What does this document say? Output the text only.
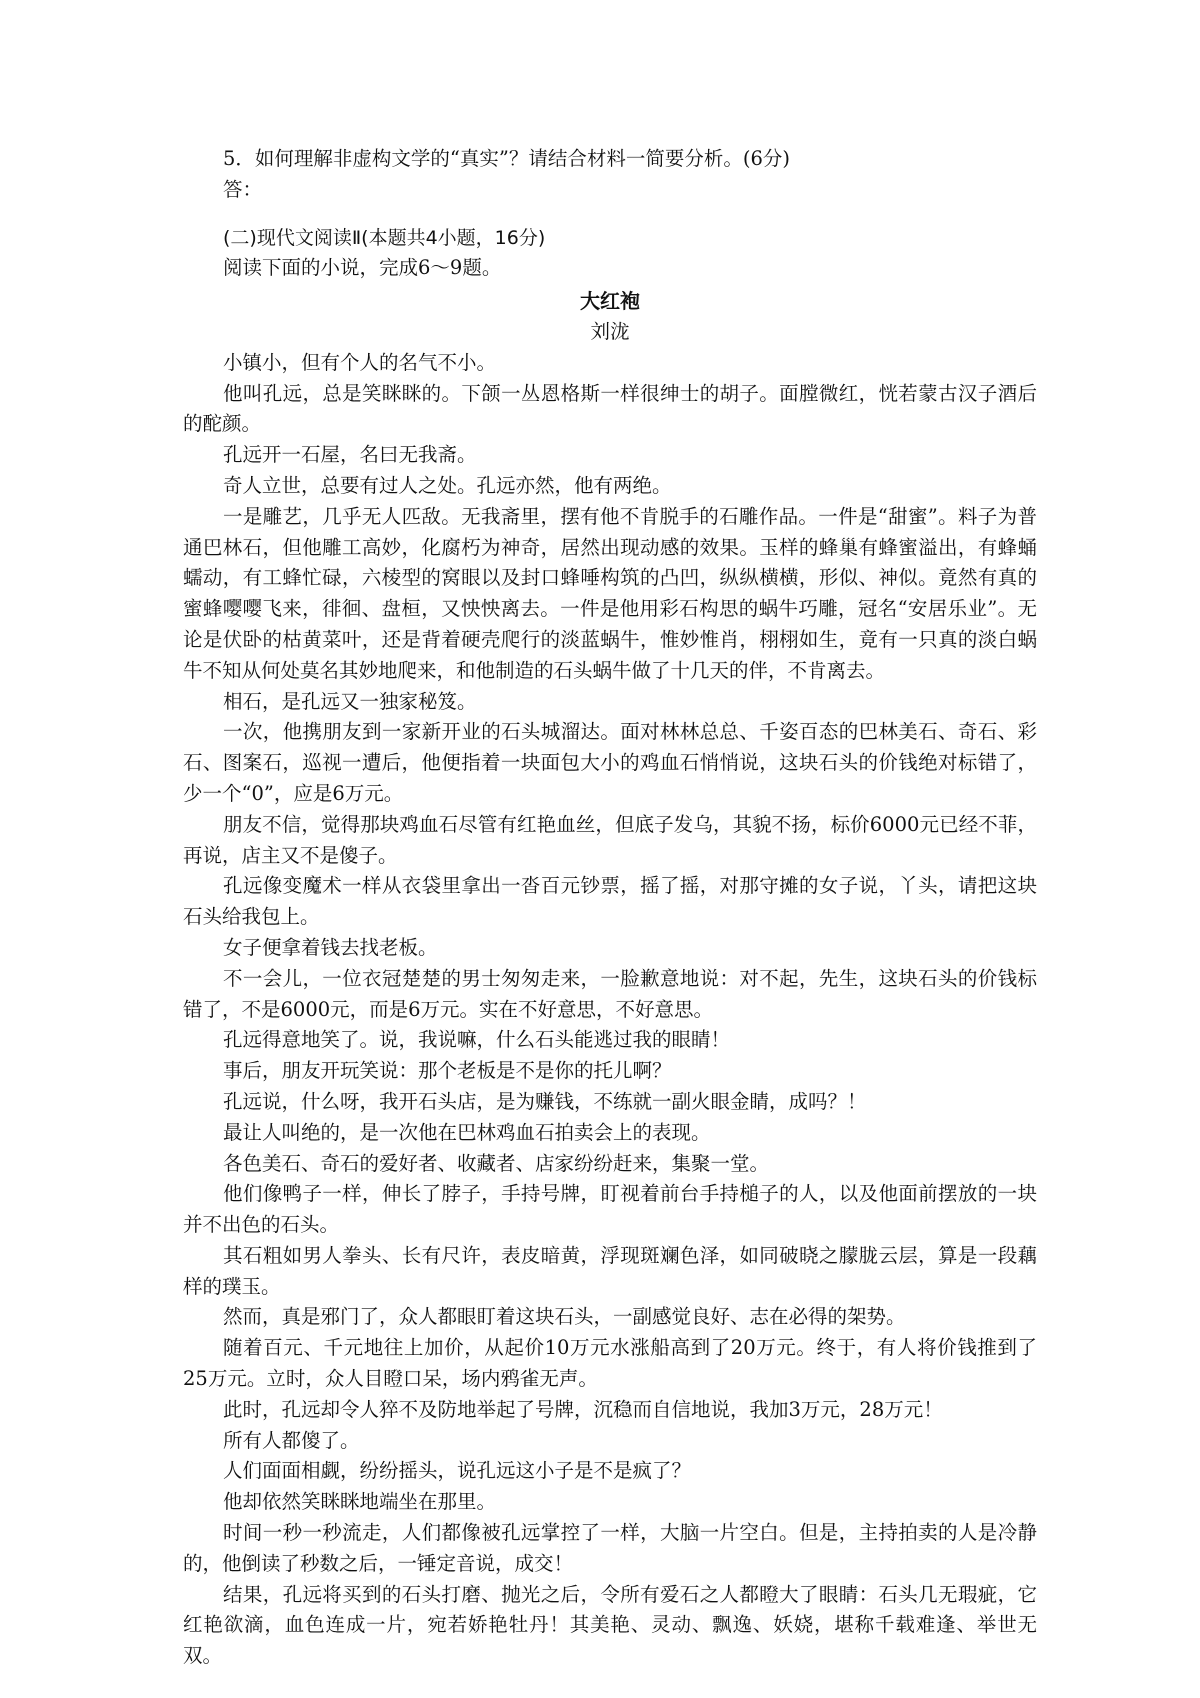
5．如何理解非虚构文学的“真实”？请结合材料一简要分析。(6分)

答：

(二)现代文阅读Ⅱ(本题共4小题，16分)

阅读下面的小说，完成6～9题。

大红袍

刘泷

小镇小，但有个人的名气不小。

他叫孔远，总是笑眯眯的。下颌一丛恩格斯一样很绅士的胡子。面膛微红，恍若蒙古汉子酒后的酡颜。

孔远开一石屋，名曰无我斋。

奇人立世，总要有过人之处。孔远亦然，他有两绝。

一是雕艺，几乎无人匹敌。无我斋里，摆有他不肯脱手的石雕作品。一件是“甜蜜”。料子为普通巴林石，但他雕工高妙，化腐朽为神奇，居然出现动感的效果。玉样的蜂巢有蜂蜜溢出，有蜂蛹蠕动，有工蜂忙碌，六棱型的窝眼以及封口蜂唾构筑的凸凹，纵纵横横，形似、神似。竟然有真的蜜蜂嘤嘤飞来，徘徊、盘桓，又怏怏离去。一件是他用彩石构思的蜗牛巧雕，冠名“安居乐业”。无论是伏卧的枯黄菜叶，还是背着硬壳爬行的淡蓝蜗牛，惟妙惟肖，栩栩如生，竟有一只真的淡白蜗牛不知从何处莫名其妙地爬来，和他制造的石头蜗牛做了十几天的伴，不肯离去。

相石，是孔远又一独家秘笈。

一次，他携朋友到一家新开业的石头城溜达。面对林林总总、千姿百态的巴林美石、奇石、彩石、图案石，巡视一遭后，他便指着一块面包大小的鸡血石悄悄说，这块石头的价钱绝对标错了，少一个“0”，应是6万元。

朋友不信，觉得那块鸡血石尽管有红艳血丝，但底子发乌，其貌不扬，标价6000元已经不菲，再说，店主又不是傻子。

孔远像变魔术一样从衣袋里拿出一沓百元钞票，摇了摇，对那守摊的女子说，丫头，请把这块石头给我包上。

女子便拿着钱去找老板。

不一会儿，一位衣冠楚楚的男士匆匆走来，一脸歉意地说：对不起，先生，这块石头的价钱标错了，不是6000元，而是6万元。实在不好意思，不好意思。

孔远得意地笑了。说，我说嘛，什么石头能逃过我的眼睛！

事后，朋友开玩笑说：那个老板是不是你的托儿啊？

孔远说，什么呀，我开石头店，是为赚钱，不练就一副火眼金睛，成吗？！

最让人叫绝的，是一次他在巴林鸡血石拍卖会上的表现。

各色美石、奇石的爱好者、收藏者、店家纷纷赶来，集聚一堂。

他们像鸭子一样，伸长了脖子，手持号牌，盯视着前台手持槌子的人，以及他面前摆放的一块并不出色的石头。

其石粗如男人拳头、长有尺许，表皮暗黄，浮现斑斓色泽，如同破晓之朦胧云层，算是一段藕样的璞玉。

然而，真是邪门了，众人都眼盯着这块石头，一副感觉良好、志在必得的架势。

随着百元、千元地往上加价，从起价10万元水涨船高到了20万元。终于，有人将价钱推到了25万元。立时，众人目瞪口呆，场内鸦雀无声。

此时，孔远却令人猝不及防地举起了号牌，沉稳而自信地说，我加3万元，28万元！

所有人都傻了。

人们面面相觑，纷纷摇头，说孔远这小子是不是疯了？

他却依然笑眯眯地端坐在那里。

时间一秒一秒流走，人们都像被孔远掌控了一样，大脑一片空白。但是，主持拍卖的人是冷静的，他倒读了秒数之后，一锤定音说，成交！

结果，孔远将买到的石头打磨、抛光之后，令所有爱石之人都瞪大了眼睛：石头几无瑕疵，它红艳欲滴，血色连成一片，宛若娇艳牡丹！其美艳、灵动、飘逸、妖娆，堪称千载难逢、举世无双。
